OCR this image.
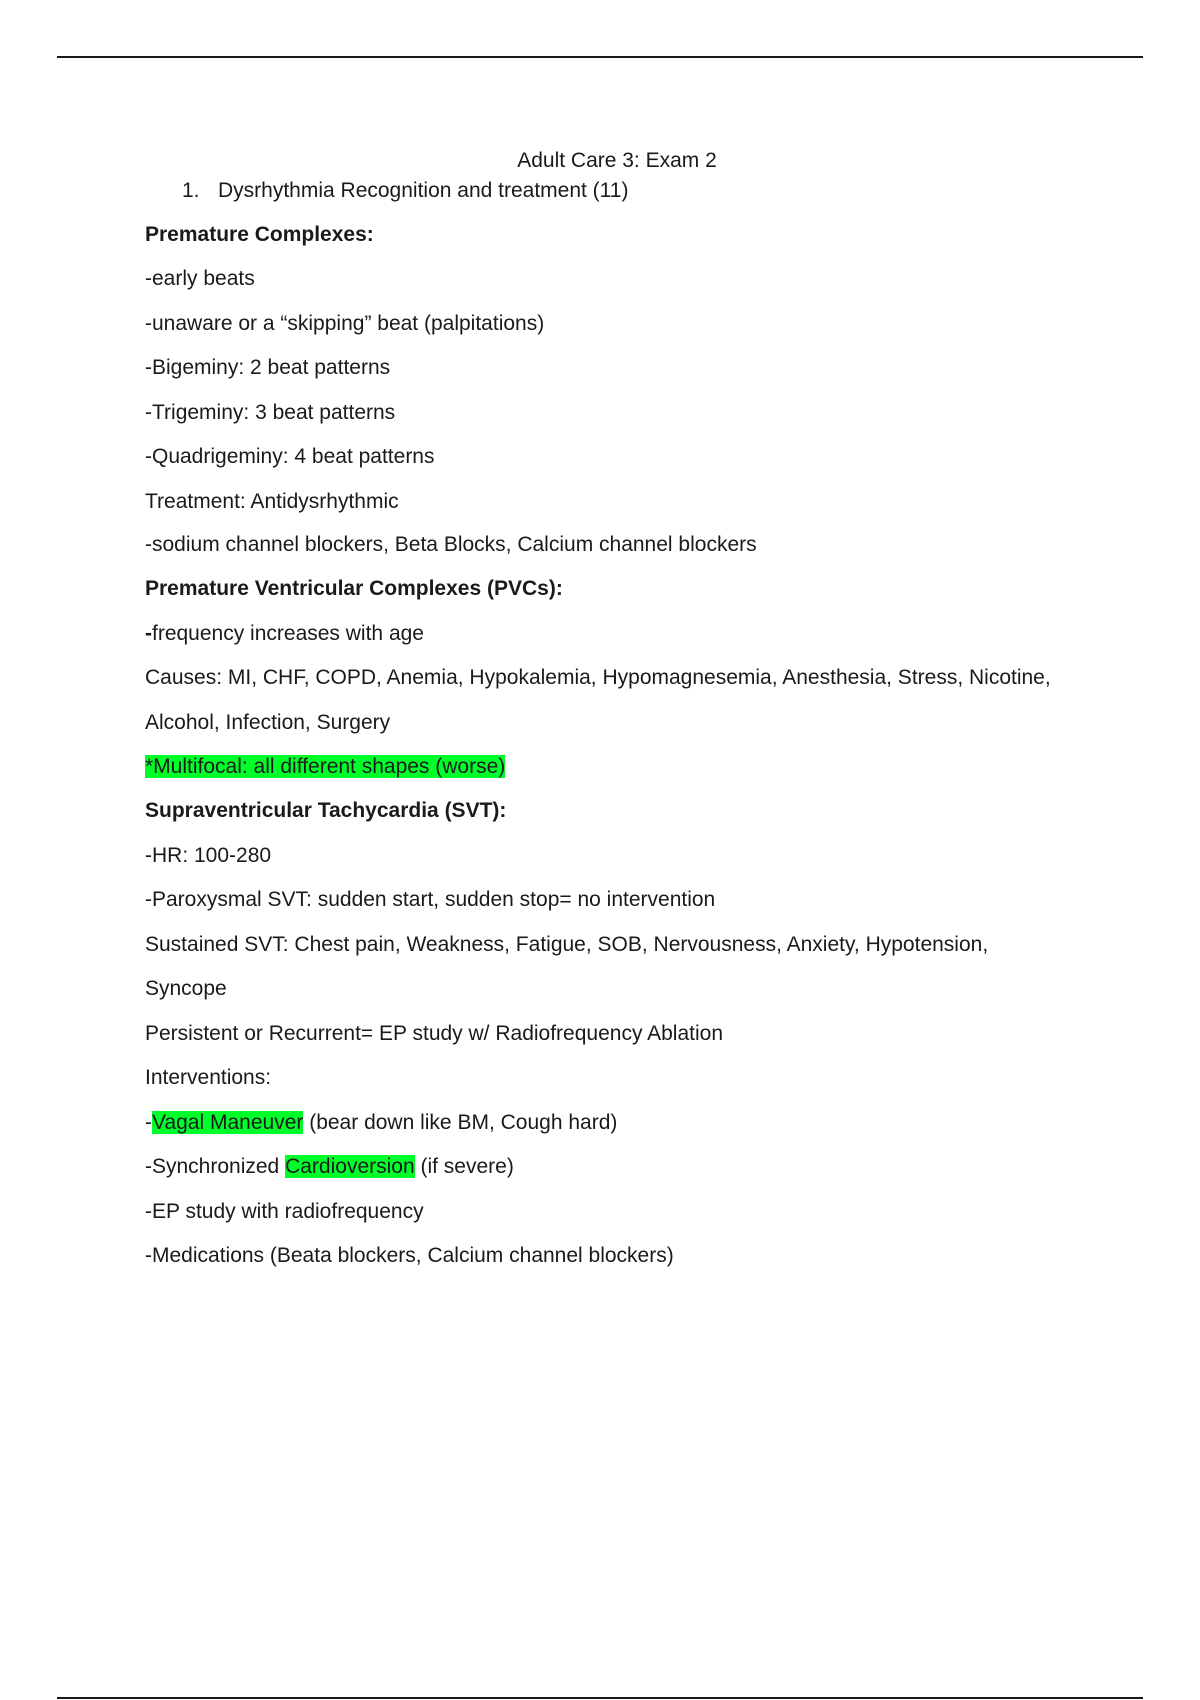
Adult Care 3: Exam 2
1. Dysrhythmia Recognition and treatment (11)
Premature Complexes:
-early beats
-unaware or a “skipping” beat (palpitations)
-Bigeminy: 2 beat patterns
-Trigeminy: 3 beat patterns
-Quadrigeminy: 4 beat patterns
Treatment: Antidysrhythmic
-sodium channel blockers, Beta Blocks, Calcium channel blockers
Premature Ventricular Complexes (PVCs):
-frequency increases with age
Causes: MI, CHF, COPD, Anemia, Hypokalemia, Hypomagnesemia, Anesthesia, Stress, Nicotine,
Alcohol, Infection, Surgery
*Multifocal: all different shapes (worse)
Supraventricular Tachycardia (SVT):
-HR: 100-280
-Paroxysmal SVT: sudden start, sudden stop= no intervention
Sustained SVT: Chest pain, Weakness, Fatigue, SOB, Nervousness, Anxiety, Hypotension,
Syncope
Persistent or Recurrent= EP study w/ Radiofrequency Ablation
Interventions:
-Vagal Maneuver (bear down like BM, Cough hard)
-Synchronized Cardioversion (if severe)
-EP study with radiofrequency
-Medications (Beata blockers, Calcium channel blockers)
